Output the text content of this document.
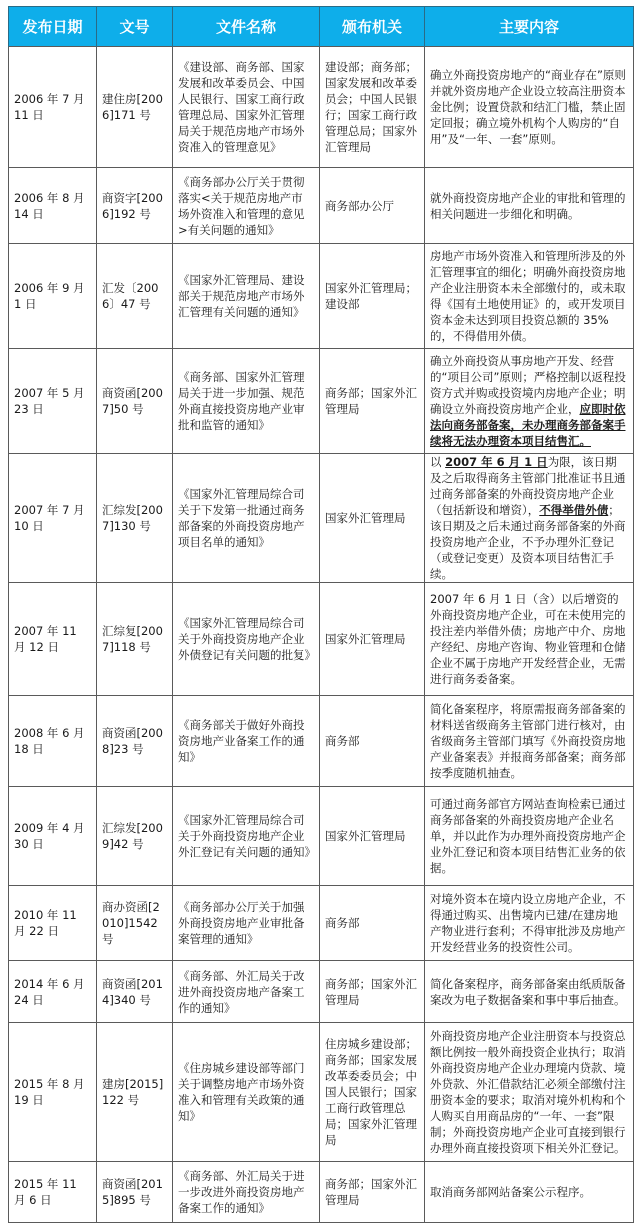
发布日期	文号	文件名称	颁布机关	主要内容
2006 年 7 月 11 日	建住房[2006]171 号	《建设部、商务部、国家发展和改革委员会、中国人民银行、国家工商行政管理总局、国家外汇管理局关于规范房地产市场外资准入的管理意见》	建设部；商务部；国家发展和改革委员会；中国人民银行；国家工商行政管理总局；国家外汇管理局	确立外商投资房地产的“商业存在”原则并就外资房地产企业设立较高注册资本金比例；设置贷款和结汇门槛，禁止固定回报；确立境外机构个人购房的“自用”及“一年、一套”原则。
2006 年 8 月 14 日	商资字[2006]192 号	《商务部办公厅关于贯彻落实<关于规范房地产市场外资准入和管理的意见>有关问题的通知》	商务部办公厅	就外商投资房地产企业的审批和管理的相关问题进一步细化和明确。
2006 年 9 月 1 日	汇发〔2006〕47 号	《国家外汇管理局、建设部关于规范房地产市场外汇管理有关问题的通知》	国家外汇管理局；建设部	房地产市场外资准入和管理所涉及的外汇管理事宜的细化；明确外商投资房地产企业注册资本未全部缴付的，或未取得《国有土地使用证》的，或开发项目资本金未达到项目投资总额的 35%的，不得借用外债。
2007 年 5 月 23 日	商资函[2007]50 号	《商务部、国家外汇管理局关于进一步加强、规范外商直接投资房地产业审批和监管的通知》	商务部；国家外汇管理局	确立外商投资从事房地产开发、经营的“项目公司”原则；严格控制以返程投资方式并购或投资境内房地产企业；明确设立外商投资房地产企业，应即时依法向商务部备案，未办理商务部备案手续将无法办理资本项目结售汇。
2007 年 7 月 10 日	汇综发[2007]130 号	《国家外汇管理局综合司关于下发第一批通过商务部备案的外商投资房地产项目名单的通知》	国家外汇管理局	以 2007 年 6 月 1 日为限，该日期及之后取得商务主管部门批准证书且通过商务部备案的外商投资房地产企业（包括新设和增资），不得举借外债；该日期及之后未通过商务部备案的外商投资房地产企业，不予办理外汇登记（或登记变更）及资本项目结售汇手续。
2007 年 11 月 12 日	汇综复[2007]118 号	《国家外汇管理局综合司关于外商投资房地产企业外债登记有关问题的批复》	国家外汇管理局	2007 年 6 月 1 日（含）以后增资的外商投资房地产企业，可在未使用完的投注差内举借外债；房地产中介、房地产经纪、房地产咨询、物业管理和仓储企业不属于房地产开发经营企业，无需进行商务委备案。
2008 年 6 月 18 日	商资函[2008]23 号	《商务部关于做好外商投资房地产业备案工作的通知》	商务部	简化备案程序，将原需报商务部备案的材料送省级商务主管部门进行核对，由省级商务主管部门填写《外商投资房地产业备案表》并报商务部备案；商务部按季度随机抽查。
2009 年 4 月 30 日	汇综发[2009]42 号	《国家外汇管理局综合司关于外商投资房地产企业外汇登记有关问题的通知》	国家外汇管理局	可通过商务部官方网站查询检索已通过商务部备案的外商投资房地产企业名单，并以此作为办理外商投资房地产企业外汇登记和资本项目结售汇业务的依据。
2010 年 11 月 22 日	商办资函[2010]1542 号	《商务部办公厅关于加强外商投资房地产业审批备案管理的通知》	商务部	对境外资本在境内设立房地产企业，不得通过购买、出售境内已建/在建房地产物业进行套利；不得审批涉及房地产开发经营业务的投资性公司。
2014 年 6 月 24 日	商资函[2014]340 号	《商务部、外汇局关于改进外商投资房地产备案工作的通知》	商务部；国家外汇管理局	简化备案程序，商务部备案由纸质版备案改为电子数据备案和事中事后抽查。
2015 年 8 月 19 日	建房[2015]122 号	《住房城乡建设部等部门关于调整房地产市场外资准入和管理有关政策的通知》	住房城乡建设部；商务部；国家发展改革委委员会；中国人民银行；国家工商行政管理总局；国家外汇管理局	外商投资房地产企业注册资本与投资总额比例按一般外商投资企业执行；取消外商投资房地产企业办理境内贷款、境外贷款、外汇借款结汇必须全部缴付注册资本金的要求；取消对境外机构和个人购买自用商品房的“一年、一套”限制；外商投资房地产企业可直接到银行办理外商直接投资项下相关外汇登记。
2015 年 11 月 6 日	商资函[2015]895 号	《商务部、外汇局关于进一步改进外商投资房地产备案工作的通知》	商务部；国家外汇管理局	取消商务部网站备案公示程序。
